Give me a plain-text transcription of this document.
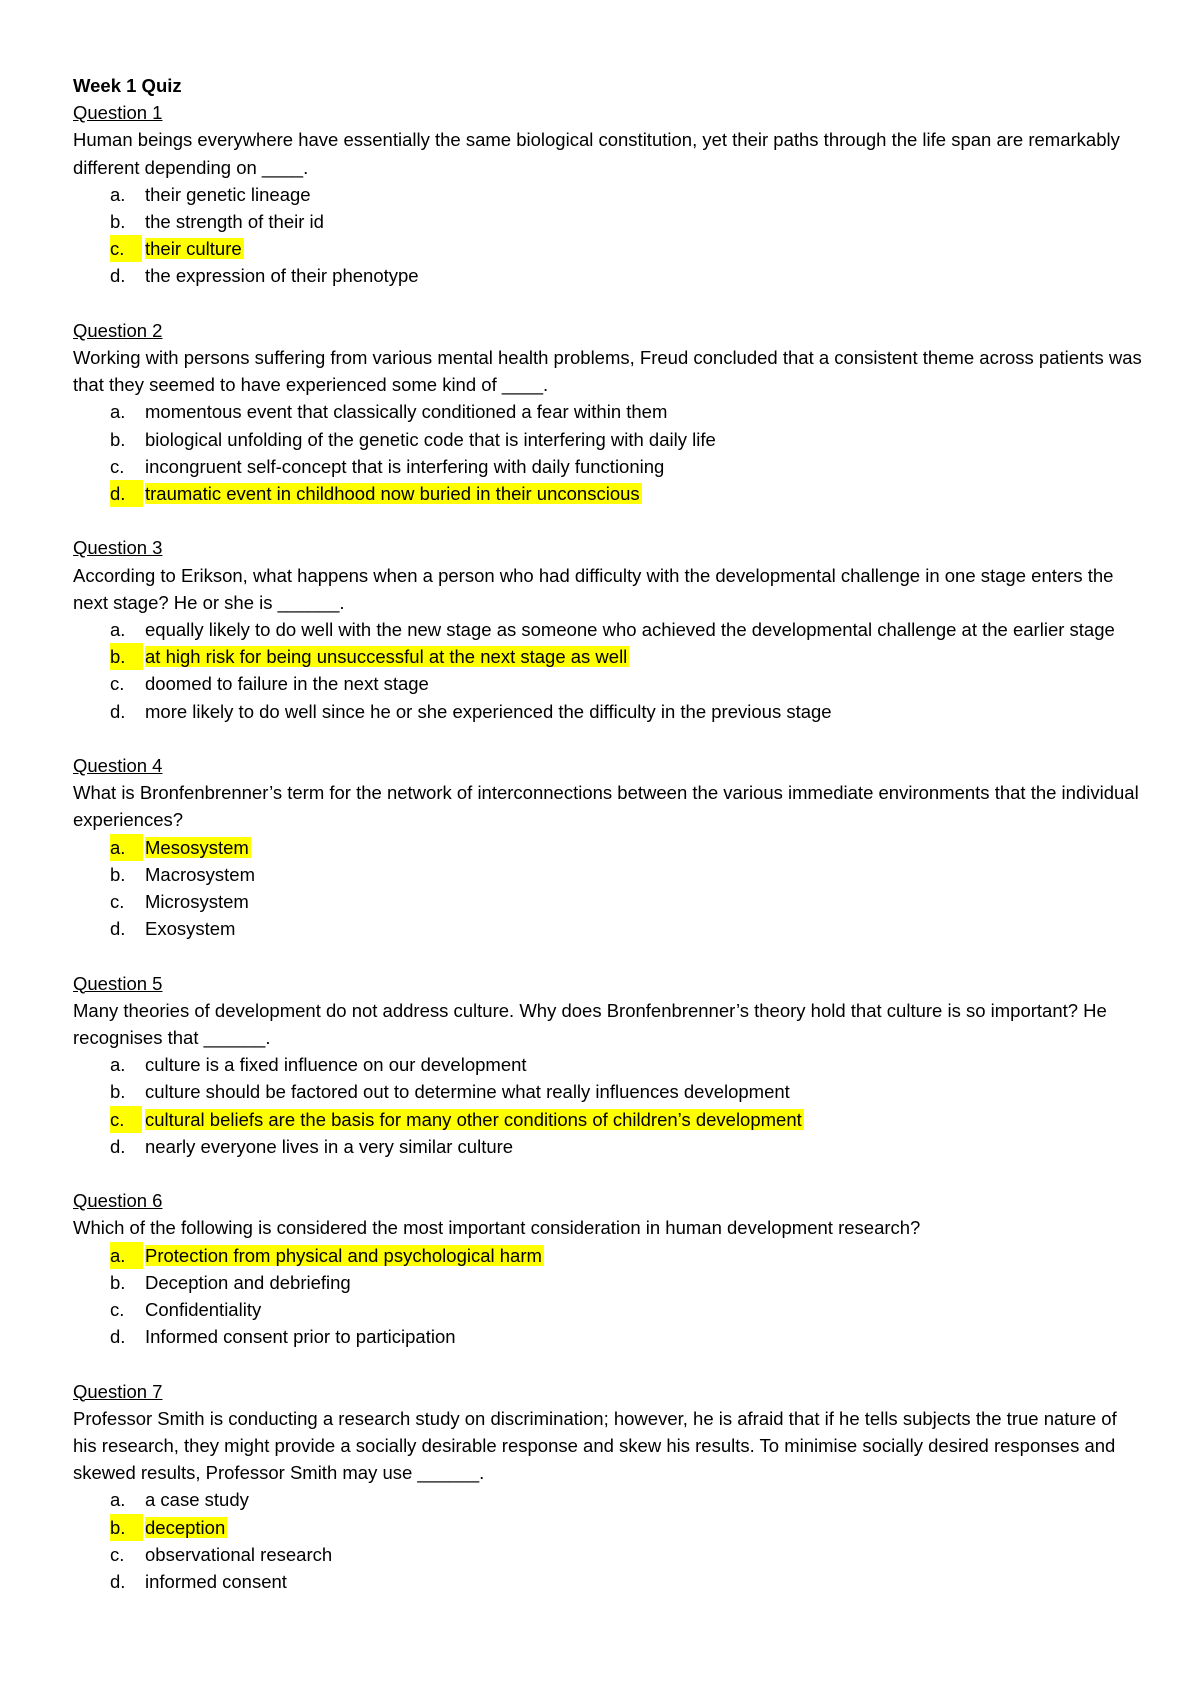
Week 1 Quiz

Question 1

Human beings everywhere have essentially the same biological constitution, yet their paths through the life span are remarkably different depending on ____.

a. their genetic lineage
b. the strength of their id
c.	their culture
d. the expression of their phenotype

Question 2

Working with persons suffering from various mental health problems, Freud concluded that a consistent theme across patients was that they seemed to have experienced some kind of ____.

a. momentous event that classically conditioned a fear within them
b. biological unfolding of the genetic code that is interfering with daily life
c. incongruent self-concept that is interfering with daily functioning
d.	traumatic event in childhood now buried in their unconscious

Question 3

According to Erikson, what happens when a person who had difficulty with the developmental challenge in one stage enters the next stage? He or she is ______.

a. equally likely to do well with the new stage as someone who achieved the developmental challenge at the earlier stage
b.	at high risk for being unsuccessful at the next stage as well
c. doomed to failure in the next stage
d. more likely to do well since he or she experienced the difficulty in the previous stage

Question 4

What is Bronfenbrenner’s term for the network of interconnections between the various immediate environments that the individual experiences?

a.	Mesosystem
b. Macrosystem
c. Microsystem
d. Exosystem

Question 5

Many theories of development do not address culture. Why does Bronfenbrenner’s theory hold that culture is so important? He recognises that ______.

a. culture is a fixed influence on our development
b. culture should be factored out to determine what really influences development
c.	cultural beliefs are the basis for many other conditions of children’s development
d. nearly everyone lives in a very similar culture

Question 6

Which of the following is considered the most important consideration in human development research?

a.	Protection from physical and psychological harm
b. Deception and debriefing
c. Confidentiality
d. Informed consent prior to participation

Question 7

Professor Smith is conducting a research study on discrimination; however, he is afraid that if he tells subjects the true nature of his research, they might provide a socially desirable response and skew his results. To minimise socially desired responses and skewed results, Professor Smith may use ______.

a. a case study
b.	deception
c. observational research
d. informed consent
